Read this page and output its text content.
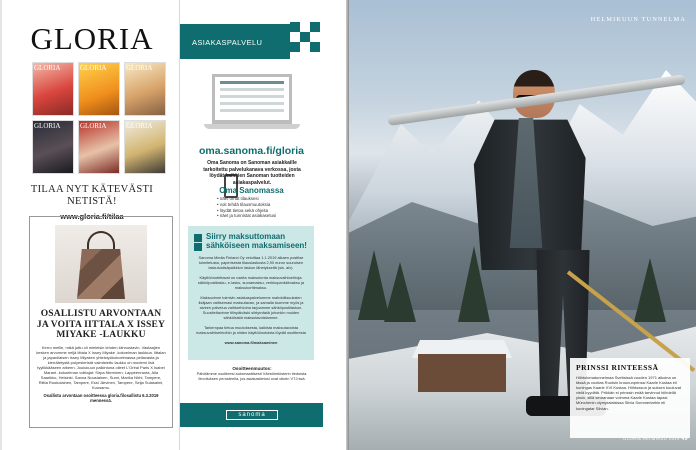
GLORIA
GLORIA	GLORIA	GLORIA
GLORIA	GLORIA	GLORIA
TILAA NYT KÄTEVÄSTI NETISTÄ!
www.gloria.fi/tilaa
OSALLISTU ARVONTAAN JA VOITA IITTALA X ISSEY MIYAKE -LAUKKU
Kerro meille, mikä juttu oli mieleisin lehden kiinnostavin. Vastaajien kesken arvomme neljä Iittala X Issey Miyake -kokoelman laukkua. Iittalan ja japanilaisen Issey Miyaken yhteistyökokoelmassa pellavasta ja kierrätetystä polyesteristä valmistettu laukku on moderni lisä tyylikkääseen arkeen. Joulukuun palkintona olleet L'Oréal Paris X Isabel Marant -kokoelman voittajat: Sirpa Nieminen, Lappeenranta, Aila Saarikko, Helsinki, Sanna Nousiainen, Sumi, Marika Nirhi, Tampere, Riitta Ruokolainen, Tampere, Essi Järvinen, Tampere, Seija Sulasalmi, Kuusamo.
Osallistu arvontaan osoitteessa gloria.fi/osallistu 6.3.2019 mennessä.
ASIAKASPALVELU
oma.sanoma.fi/gloria
Oma Sanoma on Sanoman asiakkaille tarkoitettu palvelukanava verkossa, josta löydät kaikkien Sanoman tuotteiden asiakaspalvelut.
Oma Sanomassa
• näet omat tilauksesi
• voit tehdä tilausmuutoksia
• löydät tietoa sekä ohjeita
• näet ja tunnistat asiakasetusi
Siirry maksuttomaan sähköiseen maksamiseen!
Sanoma Media Finland Oy veloittaa 1.1.2019 alkaen postitse toimitetusta, paperisesta tilauslaskusta 2,90 euron suuruisen laskutuslisäpalkkion laskun lähetykseltä (sis. alv).
Käyttöönotettavat on useita maksutonta maksuvaihtoehtoja: sähköpostilasku, e-lasku, suoramaksu, verkkopankkimaksu ja maksukorttimaksu.
Maksuvinne toimivin asiakaspalvelumme mahdollisuuksien lisäjaan valitsemasi maksutavan, ja samalla tuomme myös ja aiveen palvelua vaihtoehtoina tarjoamme sähköpostilaskun. Suositeltavinne tilinpäiväski siirtymästä johonkin muiden sähköisistä maksutavoistamme.
Tarkempaa tietoa muutoksesta, kaikista maksutavoista maksuvaihtoehtoihin ja niiden käyttöönotoista löydät osoitteesta
www.sanoma.fi/maksaminen
Osoitteenmuutos:
Päivitämme osoitteesi automaattisesti Väestörekisterin tiedoista. Ilmoituksen perusteella, jos asiakastietosi ovat oikein VTJ:ssä.
sanoma
HELMIKUUN TUNNELMA
PRINSSI RINTEESSÄ
Hiihtolomatunnelmaa Sveitsissä vuoden 1971 aikoina on tässä ja vuotias Ruotsin kruununprinssi Kaarle Kustaa eli kuningas Kaarle XVI Kustaa. Hiihtoasun ja suksen kuuluvat vielä kyydittä. Prikkän ei prinssin enää tarvinnut hiihdellä yksin, sillä seuranaan voimma Kaarle Kustaa tapasi Münchenin olympialaisissa Silvia Sommerlathin eli kuningatar Silvian.
GLORIA HELMIKUU 2019 49
